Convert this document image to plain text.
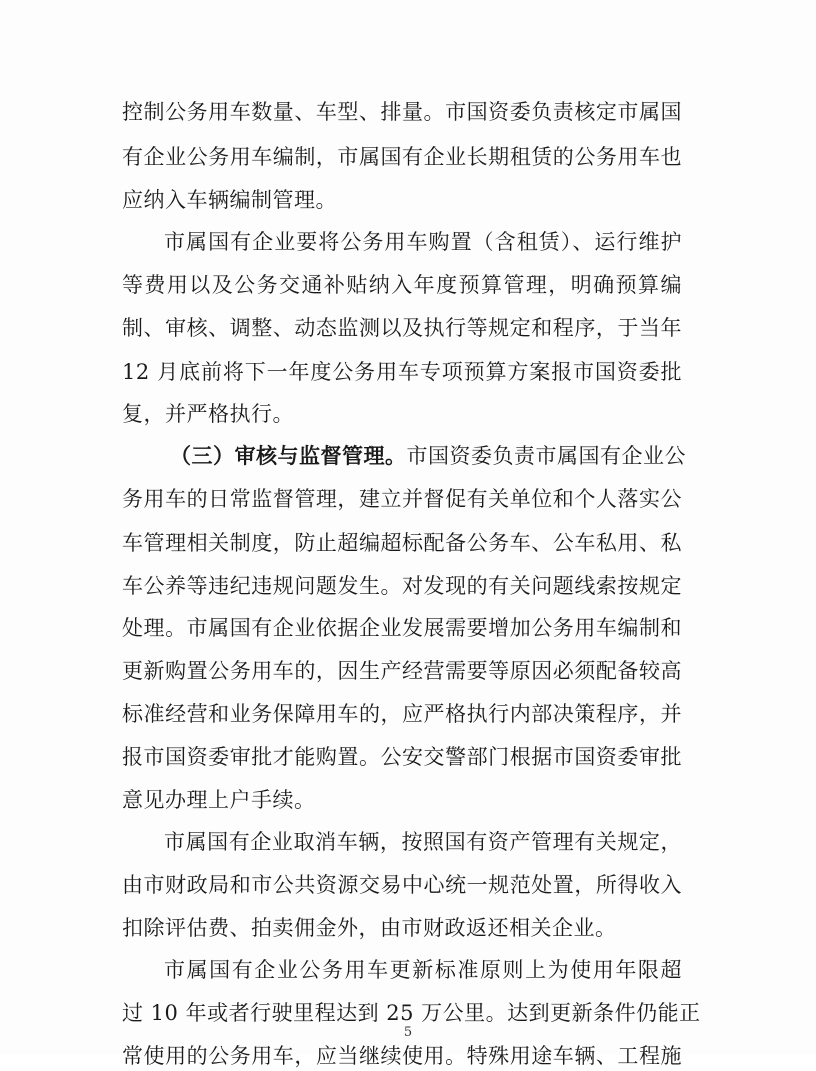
控制公务用车数量、车型、排量。市国资委负责核定市属国
有企业公务用车编制，市属国有企业长期租赁的公务用车也
应纳入车辆编制管理。
市属国有企业要将公务用车购置（含租赁）、运行维护
等费用以及公务交通补贴纳入年度预算管理，明确预算编
制、审核、调整、动态监测以及执行等规定和程序，于当年
12 月底前将下一年度公务用车专项预算方案报市国资委批
复，并严格执行。
（三）审核与监督管理。市国资委负责市属国有企业公
务用车的日常监督管理，建立并督促有关单位和个人落实公
车管理相关制度，防止超编超标配备公务车、公车私用、私
车公养等违纪违规问题发生。对发现的有关问题线索按规定
处理。市属国有企业依据企业发展需要增加公务用车编制和
更新购置公务用车的，因生产经营需要等原因必须配备较高
标准经营和业务保障用车的，应严格执行内部决策程序，并
报市国资委审批才能购置。公安交警部门根据市国资委审批
意见办理上户手续。
市属国有企业取消车辆，按照国有资产管理有关规定，
由市财政局和市公共资源交易中心统一规范处置，所得收入
扣除评估费、拍卖佣金外，由市财政返还相关企业。
市属国有企业公务用车更新标准原则上为使用年限超
过 10 年或者行驶里程达到 25 万公里。达到更新条件仍能正
常使用的公务用车，应当继续使用。特殊用途车辆、工程施
5
